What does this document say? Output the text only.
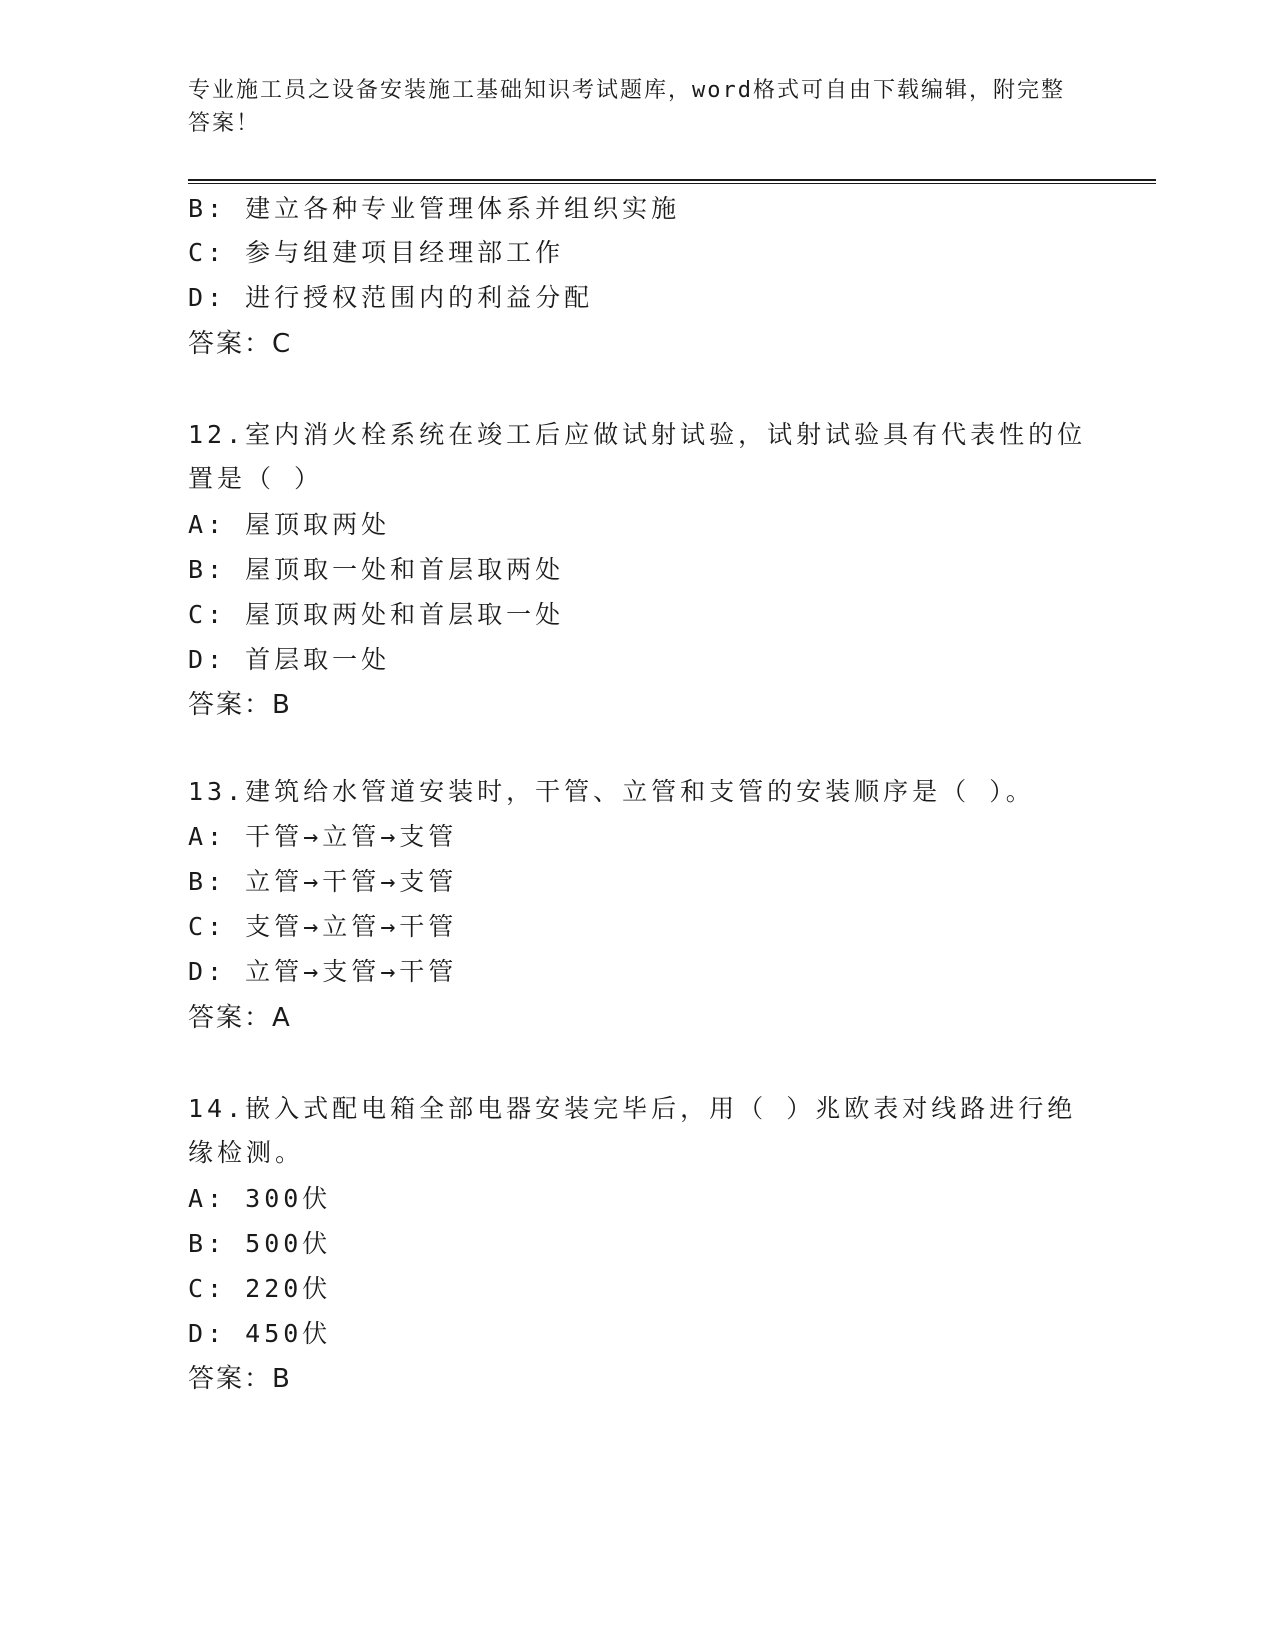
专业施工员之设备安装施工基础知识考试题库，word格式可自由下载编辑，附完整答案！
B: 建立各种专业管理体系并组织实施
C: 参与组建项目经理部工作
D: 进行授权范围内的利益分配
答案：C
12.室内消火栓系统在竣工后应做试射试验，试射试验具有代表性的位置是（ ）
A: 屋顶取两处
B: 屋顶取一处和首层取两处
C: 屋顶取两处和首层取一处
D: 首层取一处
答案：B
13.建筑给水管道安装时，干管、立管和支管的安装顺序是（ ）。
A: 干管→立管→支管
B: 立管→干管→支管
C: 支管→立管→干管
D: 立管→支管→干管
答案：A
14.嵌入式配电箱全部电器安装完毕后，用（ ）兆欧表对线路进行绝缘检测。
A: 300伏
B: 500伏
C: 220伏
D: 450伏
答案：B
